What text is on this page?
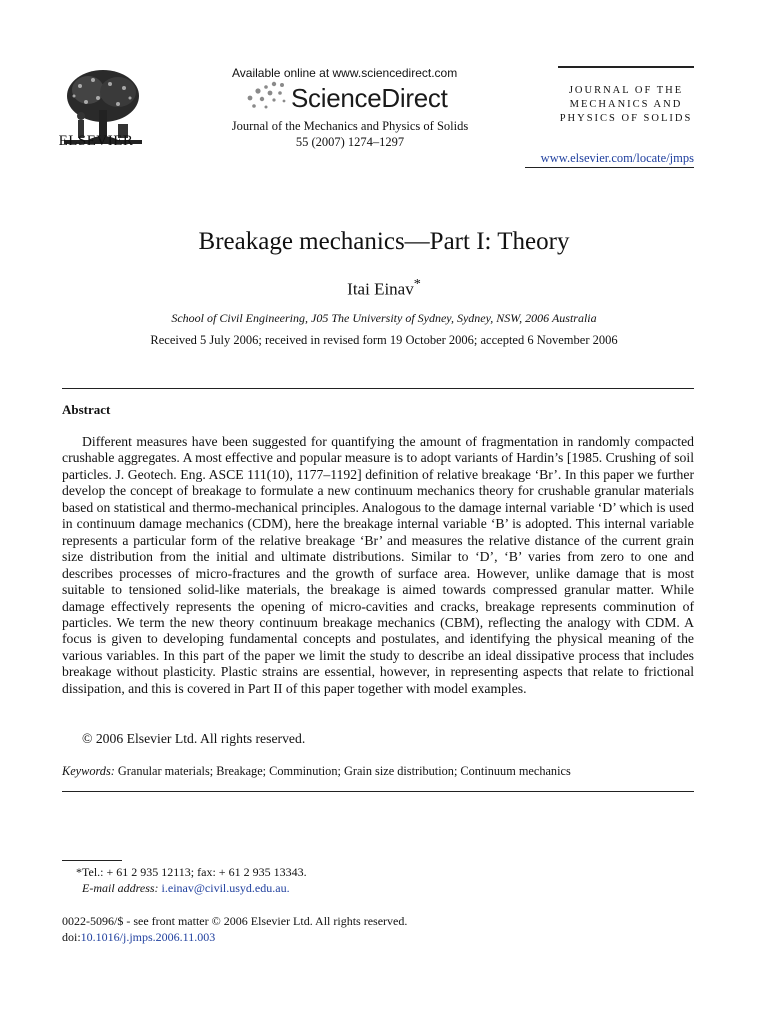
ELSEVIER
Available online at www.sciencedirect.com
ScienceDirect
Journal of the Mechanics and Physics of Solids
55 (2007) 1274–1297
JOURNAL OF THE
MECHANICS AND
PHYSICS OF SOLIDS
www.elsevier.com/locate/jmps
Breakage mechanics—Part I: Theory
Itai Einav*
School of Civil Engineering, J05 The University of Sydney, Sydney, NSW, 2006 Australia
Received 5 July 2006; received in revised form 19 October 2006; accepted 6 November 2006
Abstract
Different measures have been suggested for quantifying the amount of fragmentation in randomly compacted crushable aggregates. A most effective and popular measure is to adopt variants of Hardin’s [1985. Crushing of soil particles. J. Geotech. Eng. ASCE 111(10), 1177–1192] definition of relative breakage ‘Br’. In this paper we further develop the concept of breakage to formulate a new continuum mechanics theory for crushable granular materials based on statistical and thermo-mechanical principles. Analogous to the damage internal variable ‘D’ which is used in continuum damage mechanics (CDM), here the breakage internal variable ‘B’ is adopted. This internal variable represents a particular form of the relative breakage ‘Br’ and measures the relative distance of the current grain size distribution from the initial and ultimate distributions. Similar to ‘D’, ‘B’ varies from zero to one and describes processes of micro-fractures and the growth of surface area. However, unlike damage that is most suitable to tensioned solid-like materials, the breakage is aimed towards compressed granular matter. While damage effectively represents the opening of micro-cavities and cracks, breakage represents comminution of particles. We term the new theory continuum breakage mechanics (CBM), reflecting the analogy with CDM. A focus is given to developing fundamental concepts and postulates, and identifying the physical meaning of the various variables. In this part of the paper we limit the study to describe an ideal dissipative process that includes breakage without plasticity. Plastic strains are essential, however, in representing aspects that relate to frictional dissipation, and this is covered in Part II of this paper together with model examples.
© 2006 Elsevier Ltd. All rights reserved.
Keywords: Granular materials; Breakage; Comminution; Grain size distribution; Continuum mechanics
*Tel.: + 61 2 935 12113; fax: + 61 2 935 13343.
E-mail address: i.einav@civil.usyd.edu.au.
0022-5096/$ - see front matter © 2006 Elsevier Ltd. All rights reserved.
doi:10.1016/j.jmps.2006.11.003
